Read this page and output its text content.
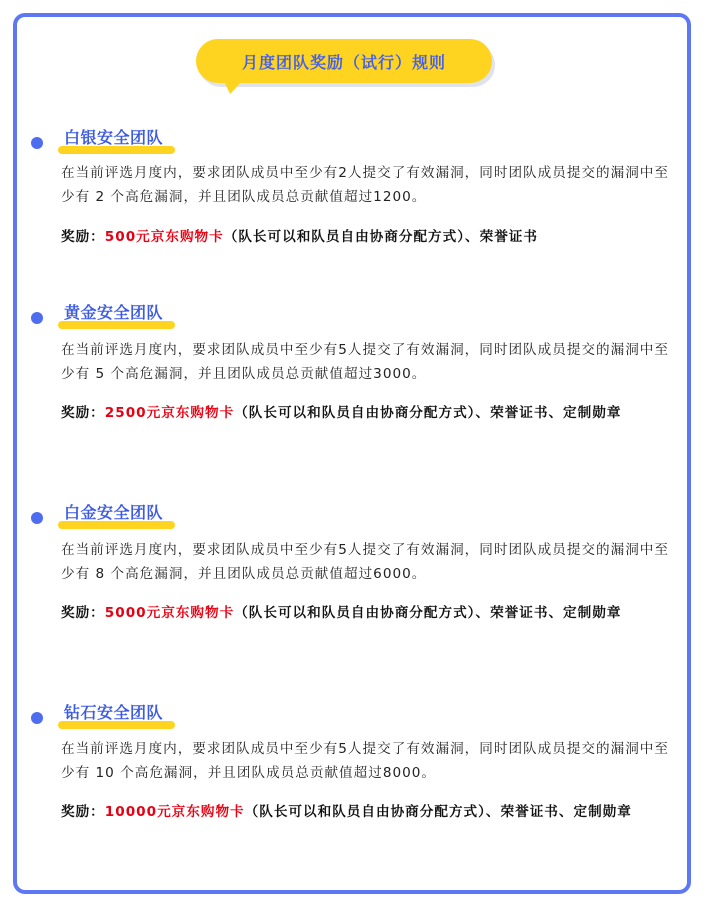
月度团队奖励（试行）规则
白银安全团队

在当前评选月度内，要求团队成员中至少有2人提交了有效漏洞，同时团队成员提交的漏洞中至少有 2 个高危漏洞，并且团队成员总贡献值超过1200。

奖励：500元京东购物卡（队长可以和队员自由协商分配方式）、荣誉证书

黄金安全团队

在当前评选月度内，要求团队成员中至少有5人提交了有效漏洞，同时团队成员提交的漏洞中至少有 5 个高危漏洞，并且团队成员总贡献值超过3000。

奖励：2500元京东购物卡（队长可以和队员自由协商分配方式）、荣誉证书、定制勋章

白金安全团队

在当前评选月度内，要求团队成员中至少有5人提交了有效漏洞，同时团队成员提交的漏洞中至少有 8 个高危漏洞，并且团队成员总贡献值超过6000。

奖励：5000元京东购物卡（队长可以和队员自由协商分配方式）、荣誉证书、定制勋章

钻石安全团队

在当前评选月度内，要求团队成员中至少有5人提交了有效漏洞，同时团队成员提交的漏洞中至少有 10 个高危漏洞，并且团队成员总贡献值超过8000。

奖励：10000元京东购物卡（队长可以和队员自由协商分配方式）、荣誉证书、定制勋章
